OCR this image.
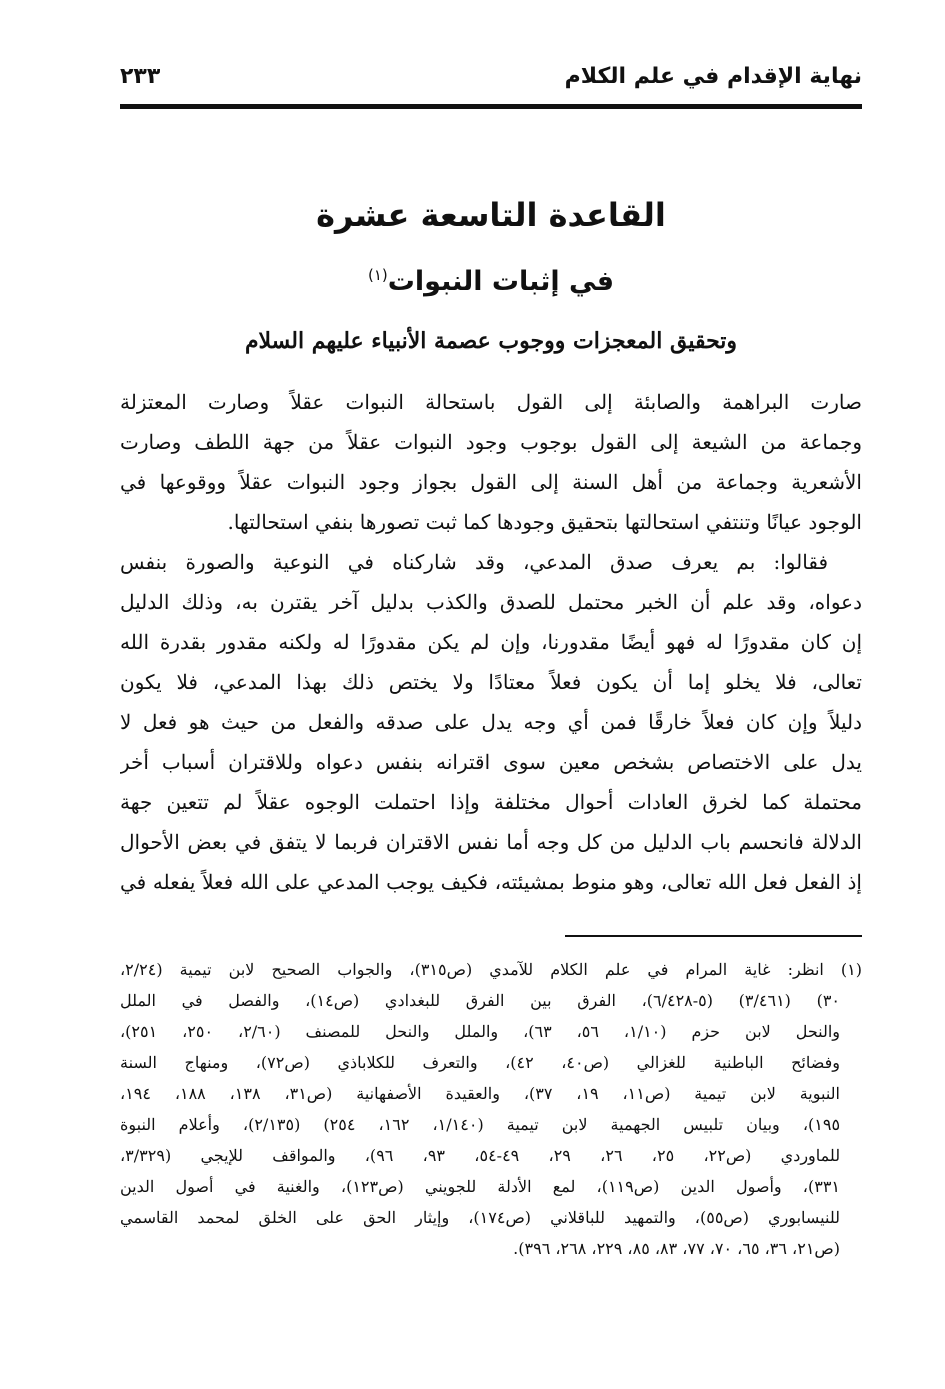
نهاية الإقدام في علم الكلام
٢٣٣
القاعدة التاسعة عشرة
في إثبات النبوات$^{(١)}$
وتحقيق المعجزات ووجوب عصمة الأنبياء عليهم السلام
صارت البراهمة والصابئة إلى القول باستحالة النبوات عقلاً وصارت المعتزلة
وجماعة من الشيعة إلى القول بوجوب وجود النبوات عقلاً من جهة اللطف وصارت
الأشعرية وجماعة من أهل السنة إلى القول بجواز وجود النبوات عقلاً ووقوعها في
الوجود عيانًا وتنتفي استحالتها بتحقيق وجودها كما ثبت تصورها بنفي استحالتها.
فقالوا: بم يعرف صدق المدعي، وقد شاركناه في النوعية والصورة بنفس
دعواه، وقد علم أن الخبر محتمل للصدق والكذب بدليل آخر يقترن به، وذلك الدليل
إن كان مقدورًا له فهو أيضًا مقدورنا، وإن لم يكن مقدورًا له ولكنه مقدور بقدرة الله
تعالى، فلا يخلو إما أن يكون فعلاً معتادًا ولا يختص ذلك بهذا المدعي، فلا يكون
دليلاً وإن كان فعلاً خارقًا فمن أي وجه يدل على صدقه والفعل من حيث هو فعل لا
يدل على الاختصاص بشخص معين سوى اقترانه بنفس دعواه وللاقتران أسباب أخر
محتملة كما لخرق العادات أحوال مختلفة وإذا احتملت الوجوه عقلاً لم تتعين جهة
الدلالة فانحسم باب الدليل من كل وجه أما نفس الاقتران فربما لا يتفق في بعض الأحوال
إذ الفعل فعل الله تعالى، وهو منوط بمشيئته، فكيف يوجب المدعي على الله فعلاً يفعله في
(١) انظر: غاية المرام في علم الكلام للآمدي (ص٣١٥)، والجواب الصحيح لابن تيمية (٢/٢٤،
٣٠) (٣/٤٦١) (٥-٦/٤٢٨)، الفرق بين الفرق للبغدادي (ص١٤)، والفصل في الملل
والنحل لابن حزم (١/١٠، ٥٦، ٦٣)، والملل والنحل للمصنف (٢/٦٠، ٢٥٠، ٢٥١)،
وفضائح الباطنية للغزالي (ص٤٠، ٤٢)، والتعرف للكلاباذي (ص٧٢)، ومنهاج السنة
النبوية لابن تيمية (ص١١، ١٩، ٣٧)، والعقيدة الأصفهانية (ص٣١، ١٣٨، ١٨٨، ١٩٤،
١٩٥)، وبيان تلبيس الجهمية لابن تيمية (١/١٤٠، ١٦٢، ٢٥٤) (٢/١٣٥)، وأعلام النبوة
للماوردي (ص٢٢، ٢٥، ٢٦، ٢٩، ٤٩-٥٤، ٩٣، ٩٦)، والمواقف للإيجي (٣/٣٢٩،
٣٣١)، وأصول الدين (ص١١٩)، لمع الأدلة للجويني (ص١٢٣)، والغنية في أصول الدين
للنيسابوري (ص٥٥)، والتمهيد للباقلاني (ص١٧٤)، وإيثار الحق على الخلق لمحمد القاسمي
(ص٢١، ٣٦، ٦٥، ٧٠، ٧٧، ٨٣، ٨٥، ٢٢٩، ٢٦٨، ٣٩٦).
